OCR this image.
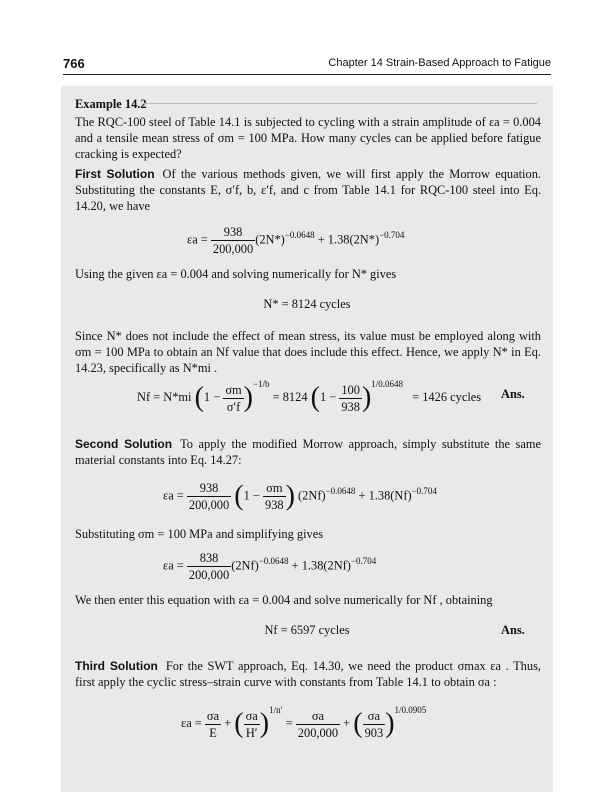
766	Chapter 14 Strain-Based Approach to Fatigue
Example 14.2
The RQC-100 steel of Table 14.1 is subjected to cycling with a strain amplitude of εa = 0.004 and a tensile mean stress of σm = 100 MPa. How many cycles can be applied before fatigue cracking is expected?
First Solution Of the various methods given, we will first apply the Morrow equation. Substituting the constants E, σ′f, b, ε′f, and c from Table 14.1 for RQC-100 steel into Eq. 14.20, we have
$\varepsilon a = \frac{938}{200,000} (2N*)^{-0.0648} + 1.38(2N*)^{-0.704}$
Using the given εa = 0.004 and solving numerically for N* gives
N* = 8124 cycles
Since N* does not include the effect of mean stress, its value must be employed along with σm = 100 MPa to obtain an Nf value that does include this effect. Hence, we apply N* in Eq. 14.23, specifically as N*mi .
Nf = N*mi $(1 - \frac{\sigma m}{\sigma'f} )^{-1/b} = 8124$ $(1 - \frac{100}{938} )^{1/0.0648} = 1426$ cycles Ans.
Second Solution To apply the modified Morrow approach, simply substitute the same material constants into Eq. 14.27:
$\varepsilon a = \frac{938}{200,000} (1 - \frac{\sigma m}{938}$ ) $(2Nf)^{-0.0648} + 1.38(Nf)^{-0.704}$
Substituting σm = 100 MPa and simplifying gives
$\varepsilon a = \frac{838}{200,000} (2Nf)^{-0.0648} + 1.38(2Nf)^{-0.704}$
We then enter this equation with εa = 0.004 and solve numerically for Nf , obtaining
Nf = 6597 cycles	Ans.
Third Solution For the SWT approach, Eq. 14.30, we need the product σmax εa . Thus, first apply the cyclic stress–strain curve with constants from Table 14.1 to obtain σa :
$\varepsilon a = \frac{\sigma a}{E}$ + ( $\frac{\sigma a}{H'} )^{1/n'} = \frac{\sigma a}{200,000}$ + ( $\frac{\sigma a}{903} )^{1/0.0905}$
